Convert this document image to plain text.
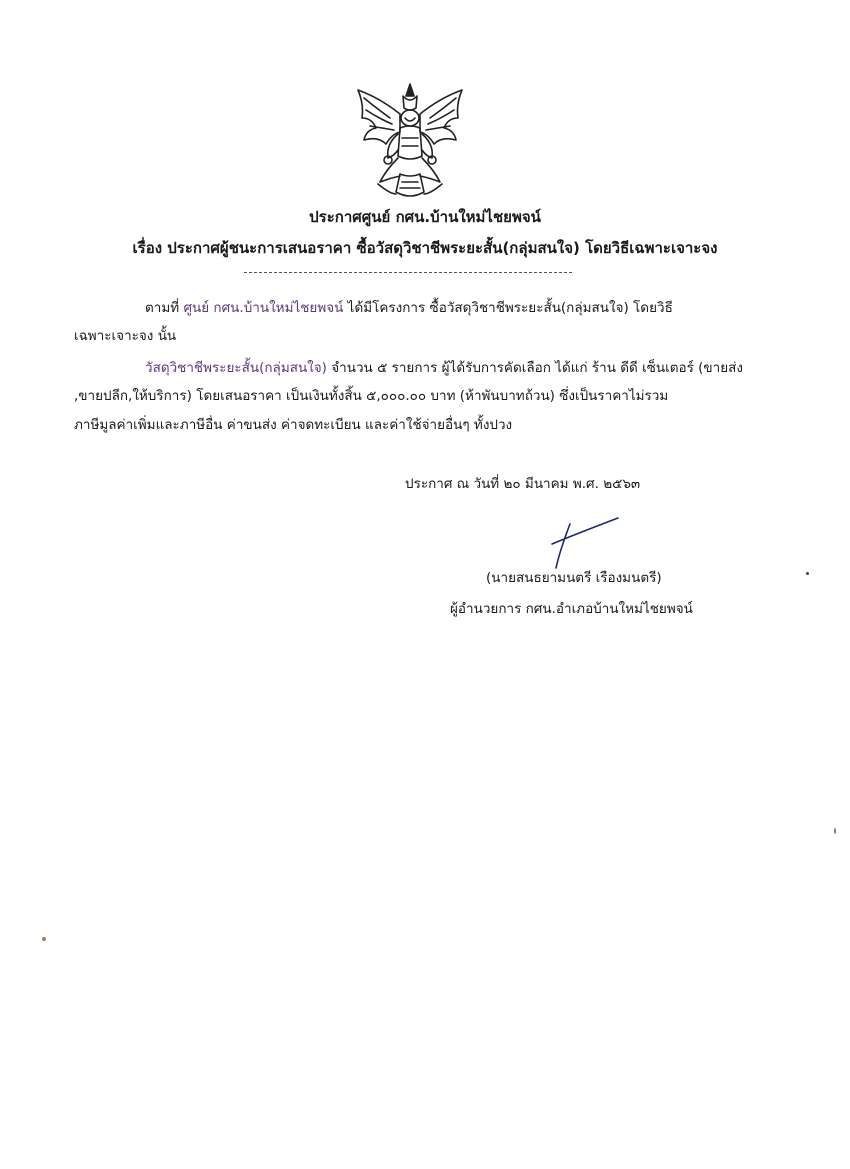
ประกาศศูนย์ กศน.บ้านใหม่ไชยพจน์
เรื่อง ประกาศผู้ชนะการเสนอราคา ซื้อวัสดุวิชาชีพระยะสั้น(กลุ่มสนใจ) โดยวิธีเฉพาะเจาะจง
ตามที่ ศูนย์ กศน.บ้านใหม่ไชยพจน์ ได้มีโครงการ ซื้อวัสดุวิชาชีพระยะสั้น(กลุ่มสนใจ) โดยวิธี
เฉพาะเจาะจง นั้น
วัสดุวิชาชีพระยะสั้น(กลุ่มสนใจ) จำนวน ๕ รายการ ผู้ได้รับการคัดเลือก ได้แก่ ร้าน ดีดี เซ็นเตอร์ (ขายส่ง
,ขายปลีก,ให้บริการ) โดยเสนอราคา เป็นเงินทั้งสิ้น ๕,๐๐๐.๐๐ บาท (ห้าพันบาทถ้วน) ซึ่งเป็นราคาไม่รวม
ภาษีมูลค่าเพิ่มและภาษีอื่น ค่าขนส่ง ค่าจดทะเบียน และค่าใช้จ่ายอื่นๆ ทั้งปวง
ประกาศ ณ วันที่ ๒๐ มีนาคม พ.ศ. ๒๕๖๓
(นายสนธยามนตรี เรืองมนตรี)
ผู้อำนวยการ กศน.อำเภอบ้านใหม่ไชยพจน์
